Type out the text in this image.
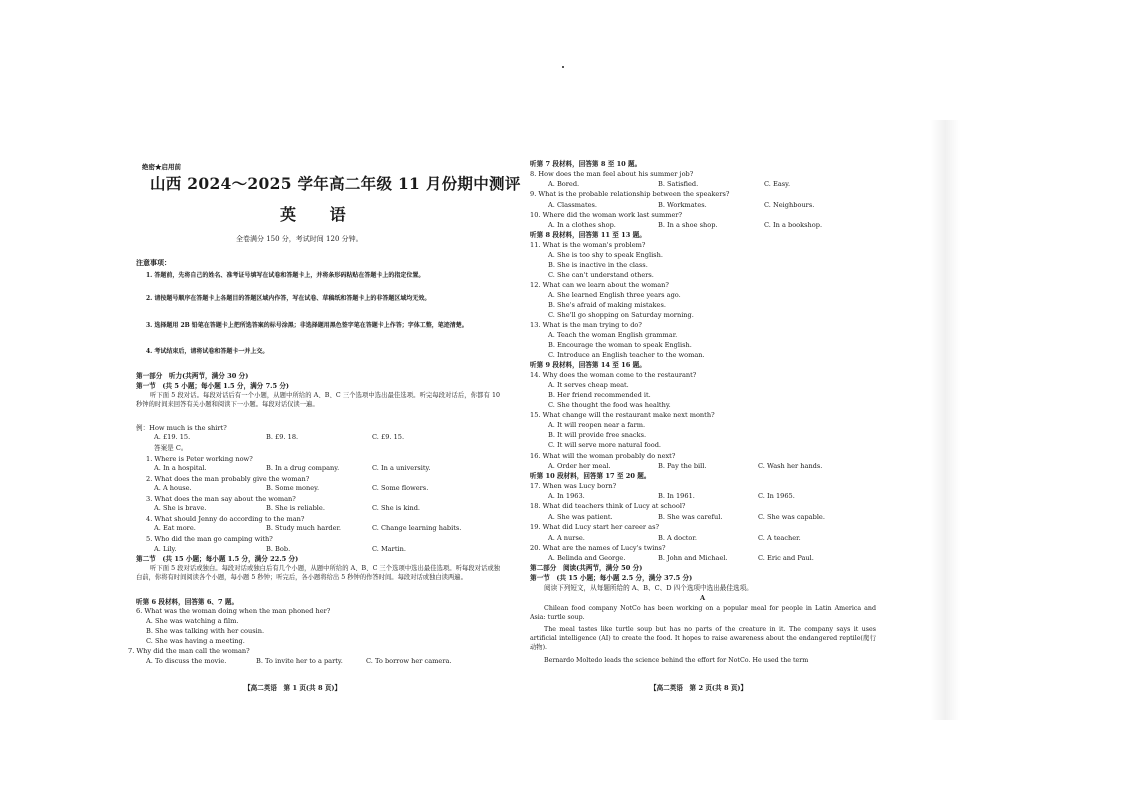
绝密★启用前
山西 2024～2025 学年高二年级 11 月份期中测评
英 语
全卷满分 150 分，考试时间 120 分钟。
注意事项：
1. 答题前，先将自己的姓名、准考证号填写在试卷和答题卡上，并将条形码粘贴在答题卡上的指定位置。
2. 请按题号顺序在答题卡上各题目的答题区域内作答，写在试卷、草稿纸和答题卡上的非答题区域均无效。
3. 选择题用 2B 铅笔在答题卡上把所选答案的标号涂黑；非选择题用黑色签字笔在答题卡上作答；字体工整，笔迹清楚。
4. 考试结束后，请将试卷和答题卡一并上交。
第一部分　听力(共两节，满分 30 分)
第一节　(共 5 小题；每小题 1.5 分，满分 7.5 分)
听下面 5 段对话。每段对话后有一个小题，从题中所给的 A、B、C 三个选项中选出最佳选项。听完每段对话后，你都有 10 秒钟的时间来回答有关小题和阅读下一小题。每段对话仅读一遍。
例：How much is the shirt?
A. £19. 15.	B. £9. 18.	C. £9. 15.
答案是 C。
1. Where is Peter working now?
A. In a hospital.	B. In a drug company.	C. In a university.
2. What does the man probably give the woman?
A. A house.	B. Some money.	C. Some flowers.
3. What does the man say about the woman?
A. She is brave.	B. She is reliable.	C. She is kind.
4. What should Jenny do according to the man?
A. Eat more.	B. Study much harder.	C. Change learning habits.
5. Who did the man go camping with?
A. Lily.	B. Bob.	C. Martin.
第二节　(共 15 小题；每小题 1.5 分，满分 22.5 分)
听下面 5 段对话或独白。每段对话或独白后有几个小题，从题中所给的 A、B、C 三个选项中选出最佳选项。听每段对话或独白前，你将有时间阅读各个小题，每小题 5 秒钟；听完后，各小题将给出 5 秒钟的作答时间。每段对话或独白读两遍。
听第 6 段材料，回答第 6、7 题。
6. What was the woman doing when the man phoned her?
A. She was watching a film.
B. She was talking with her cousin.
C. She was having a meeting.
7. Why did the man call the woman?
A. To discuss the movie.	B. To invite her to a party.	C. To borrow her camera.
【高二英语　第 1 页(共 8 页)】
听第 7 段材料，回答第 8 至 10 题。
8. How does the man feel about his summer job?
A. Bored.	B. Satisfied.	C. Easy.
9. What is the probable relationship between the speakers?
A. Classmates.	B. Workmates.	C. Neighbours.
10. Where did the woman work last summer?
A. In a clothes shop.	B. In a shoe shop.	C. In a bookshop.
听第 8 段材料，回答第 11 至 13 题。
11. What is the woman's problem?
A. She is too shy to speak English.
B. She is inactive in the class.
C. She can't understand others.
12. What can we learn about the woman?
A. She learned English three years ago.
B. She's afraid of making mistakes.
C. She'll go shopping on Saturday morning.
13. What is the man trying to do?
A. Teach the woman English grammar.
B. Encourage the woman to speak English.
C. Introduce an English teacher to the woman.
听第 9 段材料，回答第 14 至 16 题。
14. Why does the woman come to the restaurant?
A. It serves cheap meat.
B. Her friend recommended it.
C. She thought the food was healthy.
15. What change will the restaurant make next month?
A. It will reopen near a farm.
B. It will provide free snacks.
C. It will serve more natural food.
16. What will the woman probably do next?
A. Order her meal.	B. Pay the bill.	C. Wash her hands.
听第 10 段材料，回答第 17 至 20 题。
17. When was Lucy born?
A. In 1963.	B. In 1961.	C. In 1965.
18. What did teachers think of Lucy at school?
A. She was patient.	B. She was careful.	C. She was capable.
19. What did Lucy start her career as?
A. A nurse.	B. A doctor.	C. A teacher.
20. What are the names of Lucy's twins?
A. Belinda and George.	B. John and Michael.	C. Eric and Paul.
第二部分　阅读(共两节，满分 50 分)
第一节　(共 15 小题；每小题 2.5 分，满分 37.5 分)
阅读下列短文，从每题所给的 A、B、C、D 四个选项中选出最佳选项。
A
Chilean food company NotCo has been working on a popular meal for people in Latin America and Asia: turtle soup.
The meal tastes like turtle soup but has no parts of the creature in it. The company says it uses artificial intelligence (AI) to create the food. It hopes to raise awareness about the endangered reptile(爬行动物).
Bernardo Moltedo leads the science behind the effort for NotCo. He used the term
【高二英语　第 2 页(共 8 页)】
